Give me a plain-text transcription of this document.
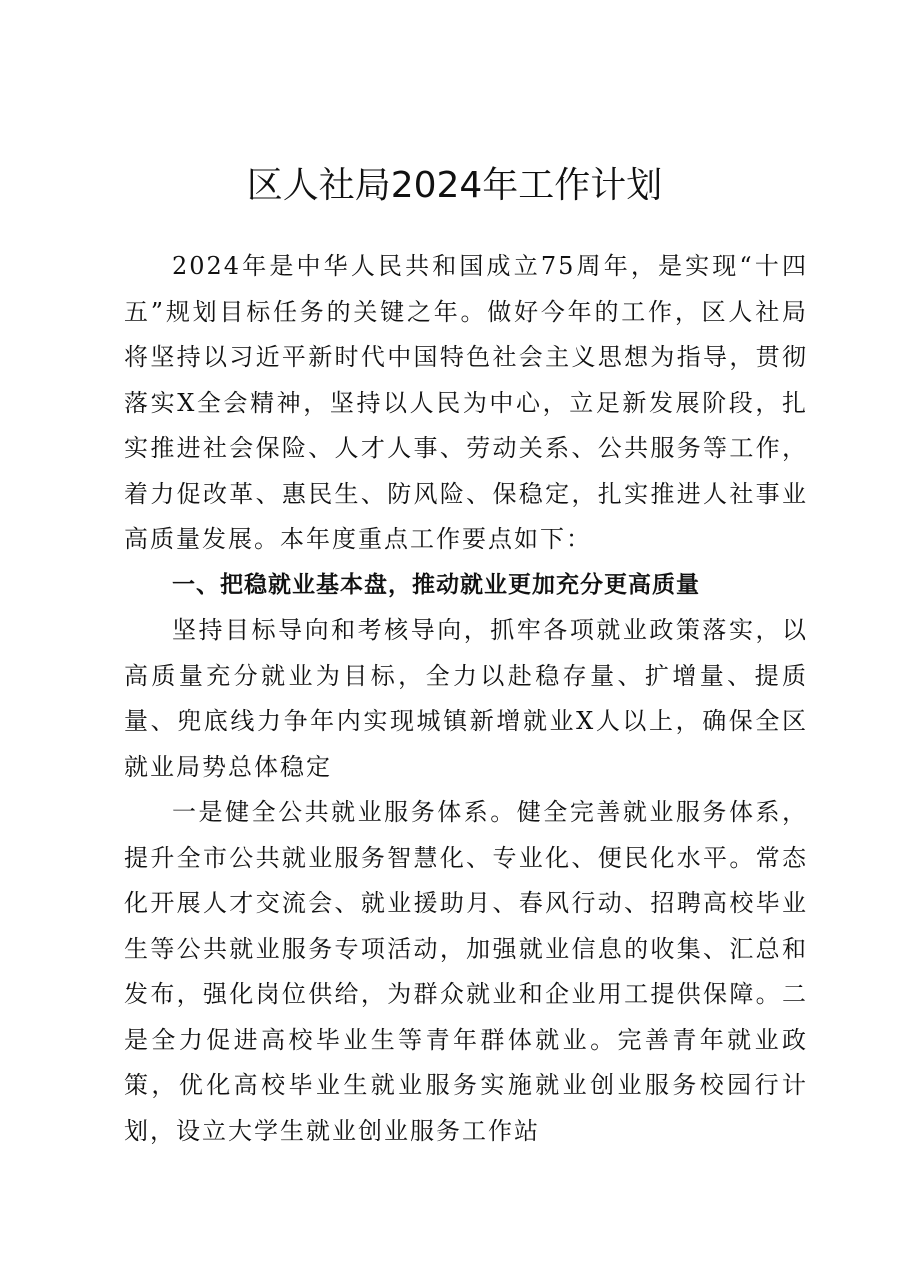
区人社局2024年工作计划

2024年是中华人民共和国成立75周年，是实现“十四五”规划目标任务的关键之年。做好今年的工作，区人社局将坚持以习近平新时代中国特色社会主义思想为指导，贯彻落实X全会精神，坚持以人民为中心，立足新发展阶段，扎实推进社会保险、人才人事、劳动关系、公共服务等工作，着力促改革、惠民生、防风险、保稳定，扎实推进人社事业高质量发展。本年度重点工作要点如下：

一、把稳就业基本盘，推动就业更加充分更高质量

坚持目标导向和考核导向，抓牢各项就业政策落实，以高质量充分就业为目标，全力以赴稳存量、扩增量、提质量、兜底线力争年内实现城镇新增就业X人以上，确保全区就业局势总体稳定

一是健全公共就业服务体系。健全完善就业服务体系，提升全市公共就业服务智慧化、专业化、便民化水平。常态化开展人才交流会、就业援助月、春风行动、招聘高校毕业生等公共就业服务专项活动，加强就业信息的收集、汇总和发布，强化岗位供给，为群众就业和企业用工提供保障。二是全力促进高校毕业生等青年群体就业。完善青年就业政策，优化高校毕业生就业服务实施就业创业服务校园行计划，设立大学生就业创业服务工作站
